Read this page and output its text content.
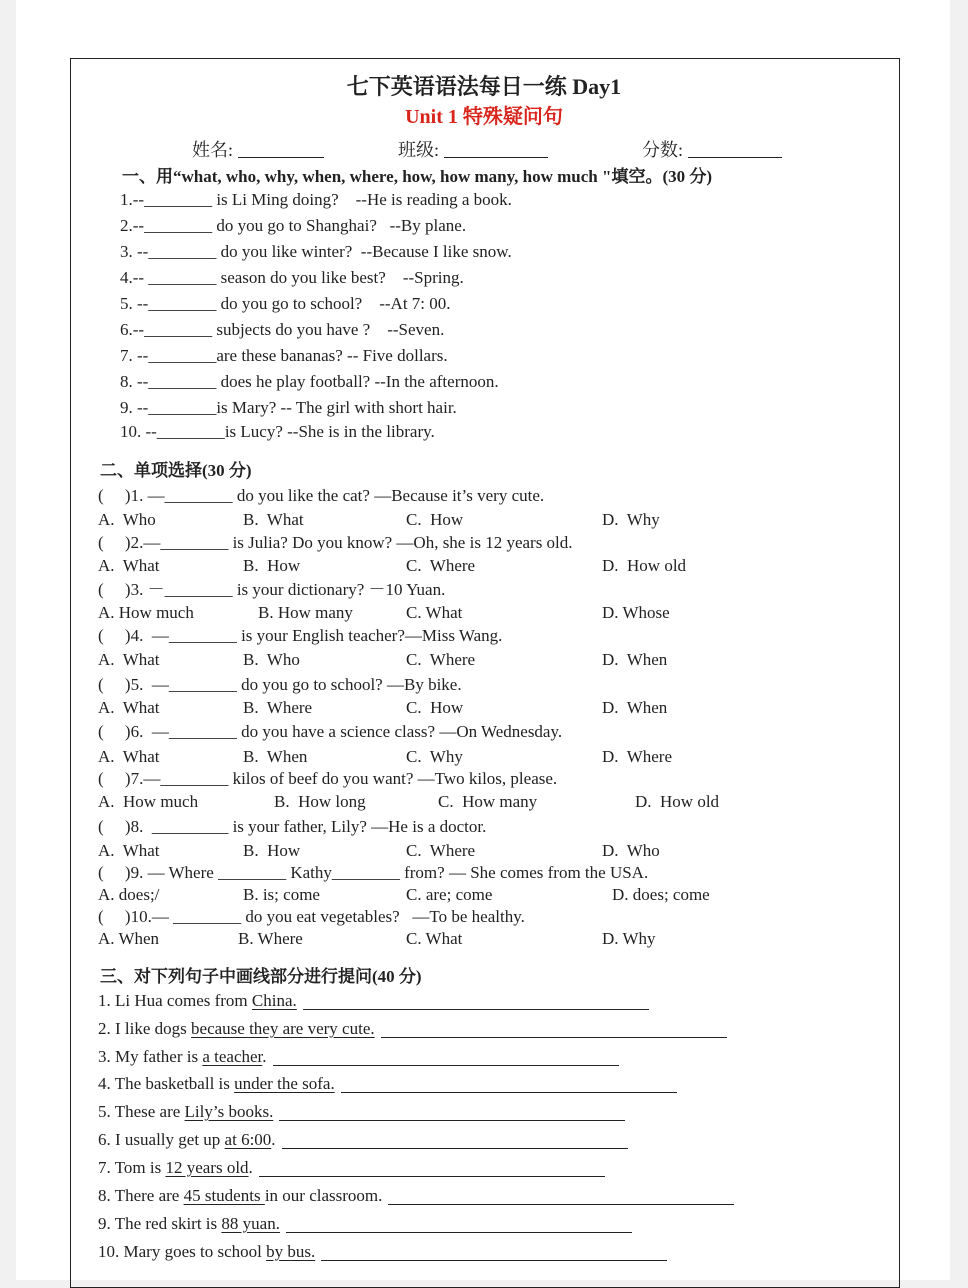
七下英语语法每日一练 Day1
Unit 1 特殊疑问句
姓名:	班级:	分数:
一、用“what, who, why, when, where, how, how many, how much "填空。(30 分)
1.--________ is Li Ming doing?    --He is reading a book.
2.--________ do you go to Shanghai?   --By plane.
3. --________ do you like winter?  --Because I like snow.
4.-- ________ season do you like best?    --Spring.
5. --________ do you go to school?    --At 7: 00.
6.--________ subjects do you have ?    --Seven.
7. --________are these bananas? -- Five dollars.
8. --________ does he play football? --In the afternoon.
9. --________is Mary? -- The girl with short hair.
10. --________is Lucy? --She is in the library.
二、单项选择(30 分)
(     )1. —________ do you like the cat? —Because it’s very cute.
A.  Who	B.  What	C.  How	D.  Why
(     )2.—________ is Julia? Do you know? —Oh, she is 12 years old.
A.  What	B.  How	C.  Where	D.  How old
(     )3. －________ is your dictionary? －10 Yuan.
A. How much	B. How many	C. What	D. Whose
(     )4.  —________ is your English teacher?—Miss Wang.
A.  What	B.  Who	C.  Where	D.  When
(     )5.  —________ do you go to school? —By bike.
A.  What	B.  Where	C.  How	D.  When
(     )6.  —________ do you have a science class? —On Wednesday.
A.  What	B.  When	C.  Why	D.  Where
(     )7.—________ kilos of beef do you want? —Two kilos, please.
A.  How much	B.  How long	C.  How many	D.  How old
(     )8.  _________ is your father, Lily? —He is a doctor.
A.  What	B.  How	C.  Where	D.  Who
(     )9. — Where ________ Kathy________ from? — She comes from the USA.
A. does;/	B. is; come	C. are; come	D. does; come
(     )10.— ________ do you eat vegetables?   —To be healthy.
A. When	B. Where	C. What	D. Why
三、对下列句子中画线部分进行提问(40 分)
1. Li Hua comes from China.
2. I like dogs because they are very cute.
3. My father is a teacher.
4. The basketball is under the sofa.
5. These are Lily’s books.
6. I usually get up at 6:00.
7. Tom is 12 years old.
8. There are 45 students in our classroom.
9. The red skirt is 88 yuan.
10. Mary goes to school by bus.
